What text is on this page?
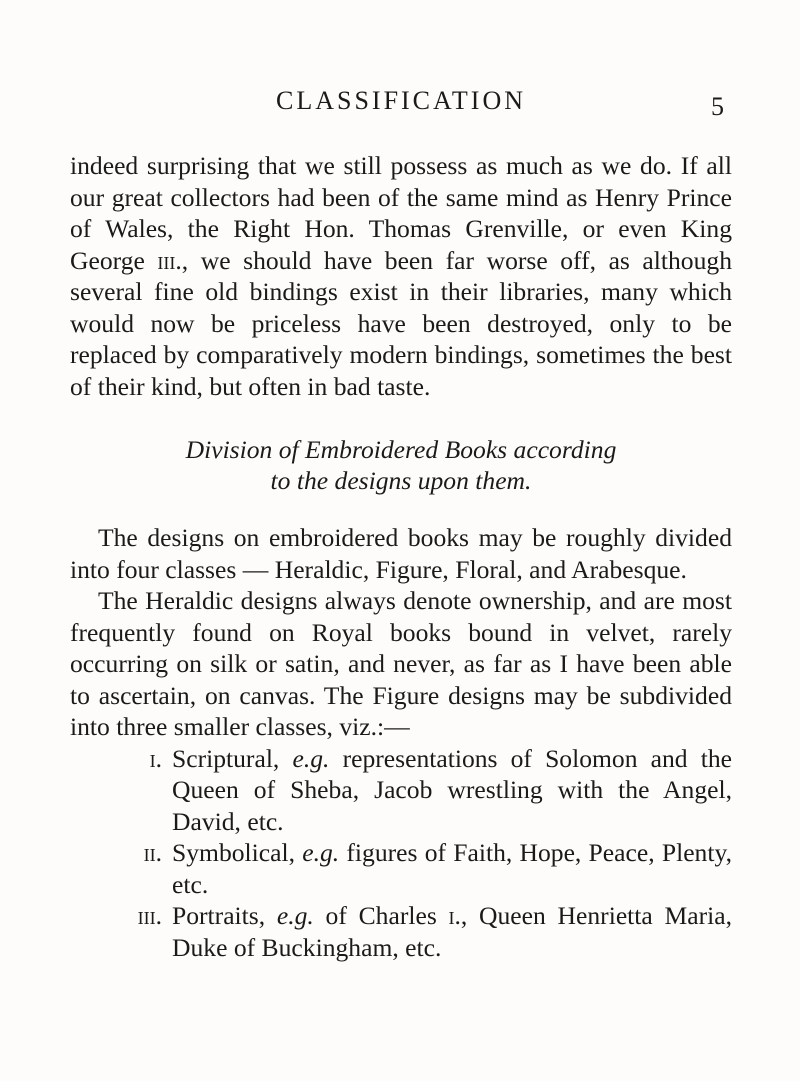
CLASSIFICATION	5

indeed surprising that we still possess as much as we do. If all our great collectors had been of the same mind as Henry Prince of Wales, the Right Hon. Thomas Grenville, or even King George iii., we should have been far worse off, as although several fine old bindings exist in their libraries, many which would now be priceless have been destroyed, only to be replaced by comparatively modern bindings, sometimes the best of their kind, but often in bad taste.

Division of Embroidered Books according
to the designs upon them.

The designs on embroidered books may be roughly divided into four classes — Heraldic, Figure, Floral, and Arabesque.

The Heraldic designs always denote ownership, and are most frequently found on Royal books bound in velvet, rarely occurring on silk or satin, and never, as far as I have been able to ascertain, on canvas. The Figure designs may be subdivided into three smaller classes, viz.:—

i. Scriptural, e.g. representations of Solomon and the Queen of Sheba, Jacob wrestling with the Angel, David, etc.
ii. Symbolical, e.g. figures of Faith, Hope, Peace, Plenty, etc.
iii. Portraits, e.g. of Charles i., Queen Henrietta Maria, Duke of Buckingham, etc.
